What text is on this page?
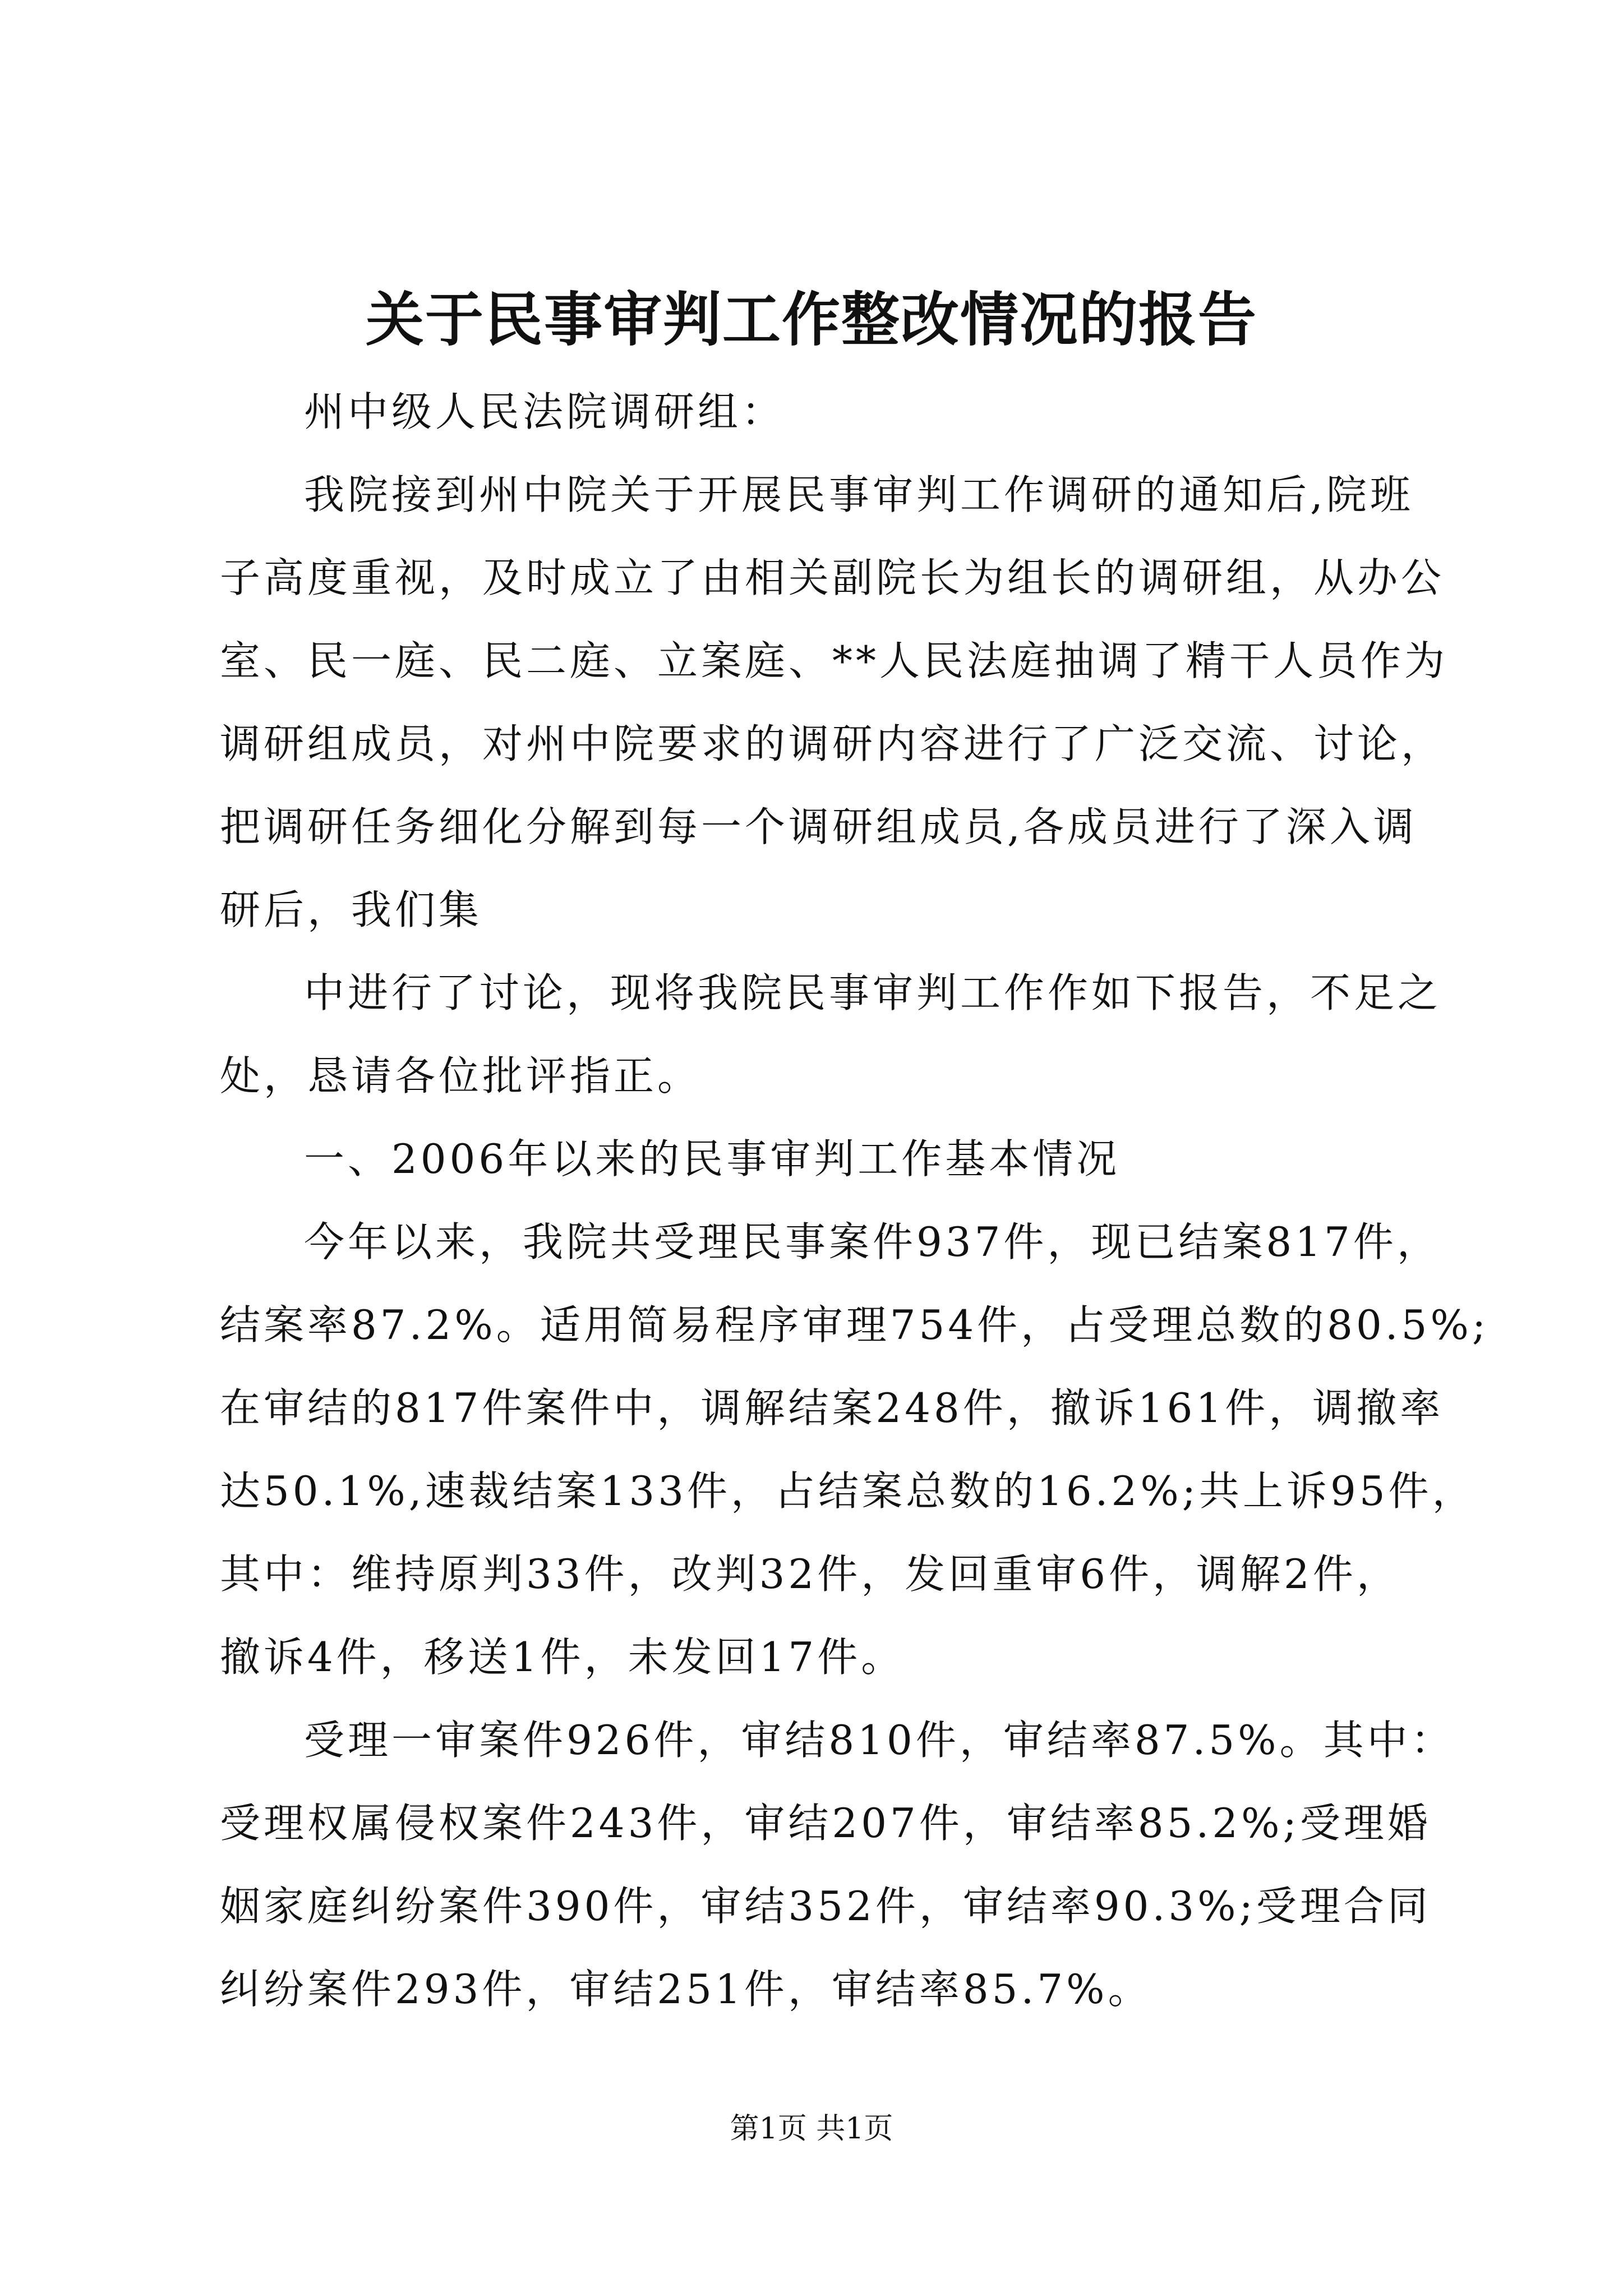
关于民事审判工作整改情况的报告
州中级人民法院调研组：
我院接到州中院关于开展民事审判工作调研的通知后,院班
子高度重视，及时成立了由相关副院长为组长的调研组，从办公
室、民一庭、民二庭、立案庭、**人民法庭抽调了精干人员作为
调研组成员，对州中院要求的调研内容进行了广泛交流、讨论，
把调研任务细化分解到每一个调研组成员,各成员进行了深入调
研后，我们集
中进行了讨论，现将我院民事审判工作作如下报告，不足之
处，恳请各位批评指正。
一、2006年以来的民事审判工作基本情况
今年以来，我院共受理民事案件937件，现已结案817件，
结案率87.2%。适用简易程序审理754件，占受理总数的80.5%;
在审结的817件案件中，调解结案248件，撤诉161件，调撤率
达50.1%,速裁结案133件，占结案总数的16.2%;共上诉95件，
其中：维持原判33件，改判32件，发回重审6件，调解2件，
撤诉4件，移送1件，未发回17件。
受理一审案件926件，审结810件，审结率87.5%。其中：
受理权属侵权案件243件，审结207件，审结率85.2%;受理婚
姻家庭纠纷案件390件，审结352件，审结率90.3%;受理合同
纠纷案件293件，审结251件，审结率85.7%。
第1页 共1页
